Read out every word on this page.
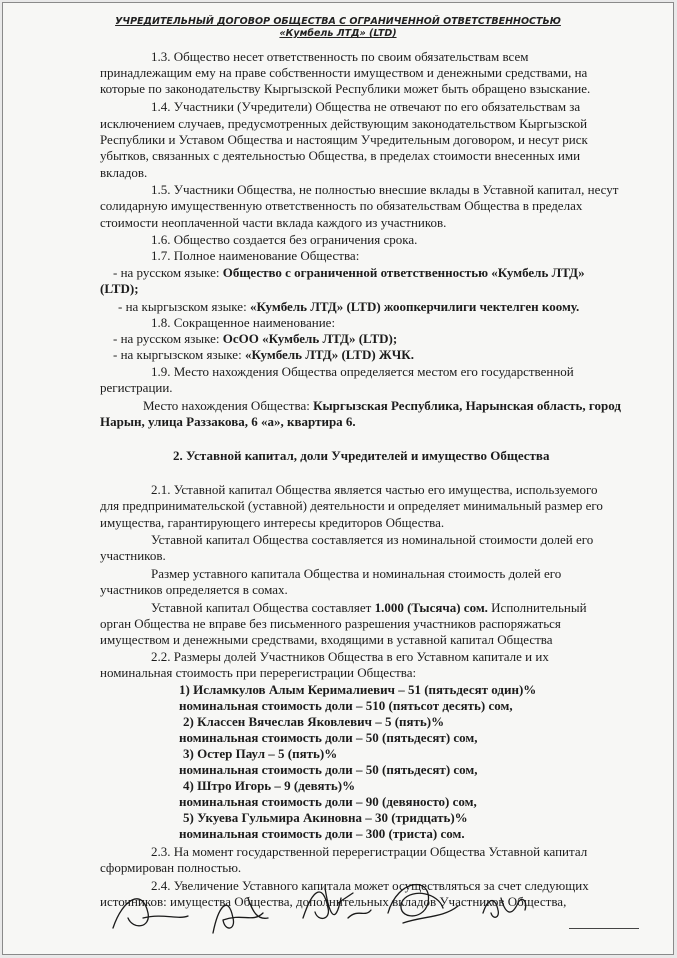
УЧРЕДИТЕЛЬНЫЙ ДОГОВОР ОБЩЕСТВА С ОГРАНИЧЕННОЙ ОТВЕТСТВЕННОСТЬЮ
«Кумбель ЛТД» (LTD)
1.3. Общество несет ответственность по своим обязательствам всем
принадлежащим ему на праве собственности имуществом и денежными средствами, на
которые по законодательству Кыргызской Республики может быть обращено взыскание.
1.4. Участники (Учредители) Общества не отвечают по его обязательствам за
исключением случаев, предусмотренных действующим законодательством Кыргызской
Республики и Уставом Общества и настоящим Учредительным договором, и несут риск
убытков, связанных с деятельностью Общества, в пределах стоимости внесенных ими
вкладов.
1.5. Участники Общества, не полностью внесшие вклады в Уставной капитал, несут
солидарную имущественную ответственность по обязательствам Общества в пределах
стоимости неоплаченной части вклада каждого из участников.
1.6. Общество создается без ограничения срока.
1.7. Полное наименование Общества:
- на русском языке: Общество с ограниченной ответственностью «Кумбель ЛТД»
(LTD);
- на кыргызском языке: «Кумбель ЛТД» (LTD) жоопкерчилиги чектелген коому.
1.8. Сокращенное наименование:
- на русском языке: ОсОО «Кумбель ЛТД» (LTD);
- на кыргызском языке: «Кумбель ЛТД» (LTD) ЖЧК.
1.9. Место нахождения Общества определяется местом его государственной
регистрации.
Место нахождения Общества: Кыргызская Республика, Нарынская область, город
Нарын, улица Раззакова, 6 «а», квартира 6.
2. Уставной капитал, доли Учредителей и имущество Общества
2.1. Уставной капитал Общества является частью его имущества, используемого
для предпринимательской (уставной) деятельности и определяет минимальный размер его
имущества, гарантирующего интересы кредиторов Общества.
Уставной капитал Общества составляется из номинальной стоимости долей его
участников.
Размер уставного капитала Общества и номинальная стоимость долей его
участников определяется в сомах.
Уставной капитал Общества составляет 1.000 (Тысяча) сом. Исполнительный
орган Общества не вправе без письменного разрешения участников распоряжаться
имуществом и денежными средствами, входящими в уставной капитал Общества
2.2. Размеры долей Участников Общества в его Уставном капитале и их
номинальная стоимость при перерегистрации Общества:
1) Исламкулов Алым Керималиевич – 51 (пятьдесят один)%
номинальная стоимость доли – 510 (пятьсот десять) сом,
2) Классен Вячеслав Яковлевич – 5 (пять)%
номинальная стоимость доли – 50 (пятьдесят) сом,
3) Остер Паул – 5 (пять)%
номинальная стоимость доли – 50 (пятьдесят) сом,
4) Штро Игорь – 9 (девять)%
номинальная стоимость доли – 90 (девяносто) сом,
5) Укуева Гульмира Акиновна – 30 (тридцать)%
номинальная стоимость доли – 300 (триста) сом.
2.3. На момент государственной перерегистрации Общества Уставной капитал
сформирован полностью.
2.4. Увеличение Уставного капитала может осуществляться за счет следующих
источников: имущества Общества, дополнительных вкладов Участников Общества,
